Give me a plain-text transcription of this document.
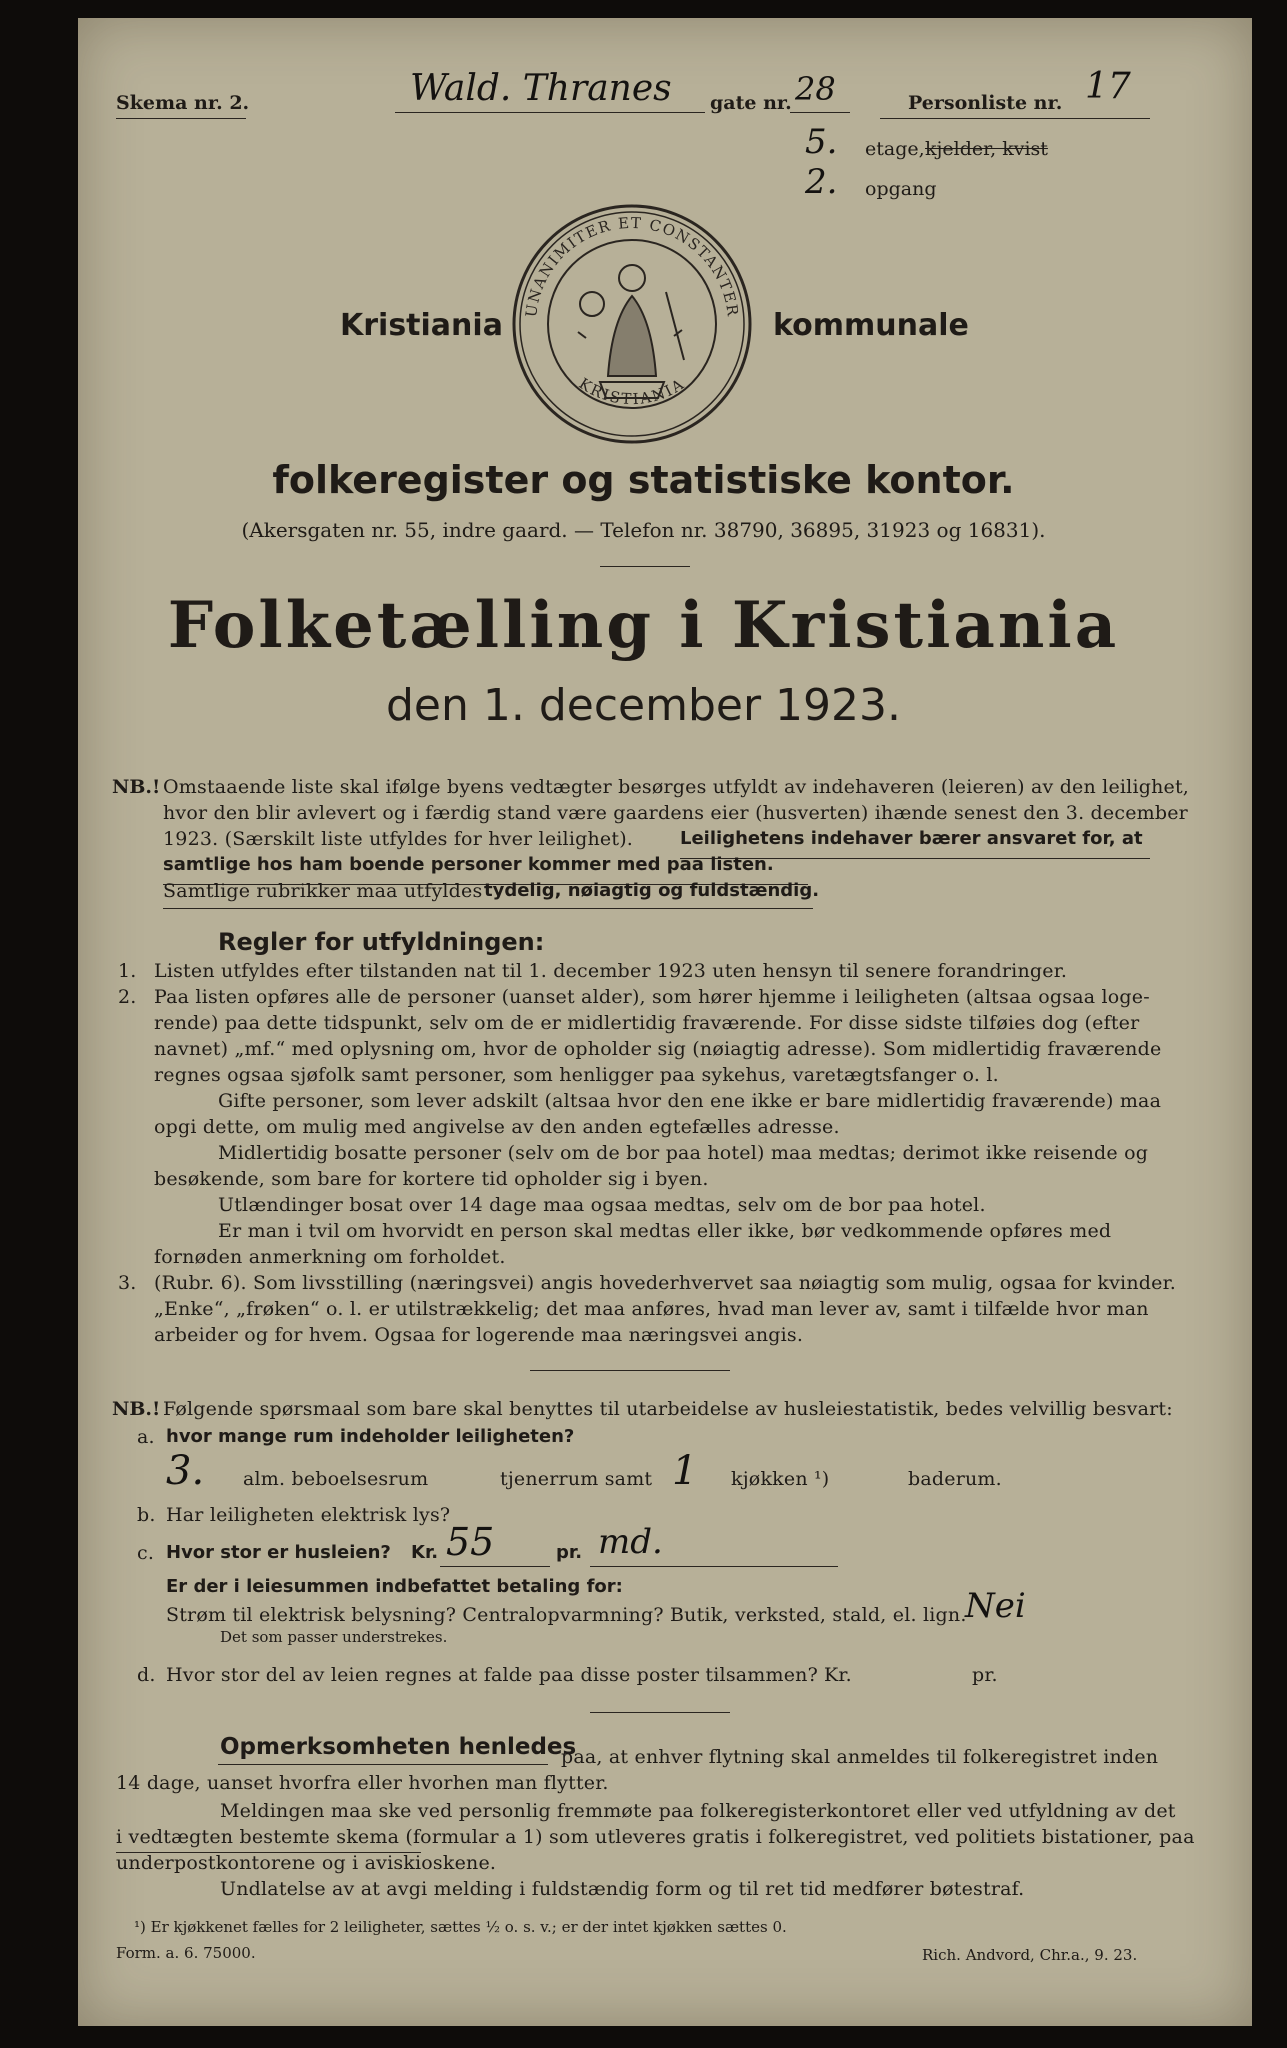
Skema nr. 2.	Wald. Thranes gate nr. 28	Personliste nr. 17
5. etage, kjelder, kvist
2. opgang
Kristiania	kommunale
UNANIMITER ET CONSTANTER
KRISTIANIA
folkeregister og statistiske kontor.
(Akersgaten nr. 55, indre gaard. — Telefon nr. 38790, 36895, 31923 og 16831).
Folketælling i Kristiania
den 1. december 1923.
NB.! Omstaaende liste skal ifølge byens vedtægter besørges utfyldt av indehaveren (leieren) av den leilighet,
hvor den blir avlevert og i færdig stand være gaardens eier (husverten) ihænde senest den 3. december
1923. (Særskilt liste utfyldes for hver leilighet).	Leilighetens indehaver bærer ansvaret for, at
samtlige hos ham boende personer kommer med paa listen.
Samtlige rubrikker maa utfyldes tydelig, nøiagtig og fuldstændig.
Regler for utfyldningen:
1. Listen utfyldes efter tilstanden nat til 1. december 1923 uten hensyn til senere forandringer.
2. Paa listen opføres alle de personer (uanset alder), som hører hjemme i leiligheten (altsaa ogsaa loge-
rende) paa dette tidspunkt, selv om de er midlertidig fraværende. For disse sidste tilføies dog (efter
navnet) „mf.“ med oplysning om, hvor de opholder sig (nøiagtig adresse). Som midlertidig fraværende
regnes ogsaa sjøfolk samt personer, som henligger paa sykehus, varetægtsfanger o. l.
Gifte personer, som lever adskilt (altsaa hvor den ene ikke er bare midlertidig fraværende) maa
opgi dette, om mulig med angivelse av den anden egtefælles adresse.
Midlertidig bosatte personer (selv om de bor paa hotel) maa medtas; derimot ikke reisende og
besøkende, som bare for kortere tid opholder sig i byen.
Utlændinger bosat over 14 dage maa ogsaa medtas, selv om de bor paa hotel.
Er man i tvil om hvorvidt en person skal medtas eller ikke, bør vedkommende opføres med
fornøden anmerkning om forholdet.
3. (Rubr. 6). Som livsstilling (næringsvei) angis hovederhvervet saa nøiagtig som mulig, ogsaa for kvinder.
„Enke“, „frøken“ o. l. er utilstrækkelig; det maa anføres, hvad man lever av, samt i tilfælde hvor man
arbeider og for hvem. Ogsaa for logerende maa næringsvei angis.
NB.! Følgende spørsmaal som bare skal benyttes til utarbeidelse av husleiestatistik, bedes velvillig besvart:
a. hvor mange rum indeholder leiligheten?
3. alm. beboelsesrum	tjenerrum samt 1 kjøkken ¹)	baderum.
b. Har leiligheten elektrisk lys?
c. Hvor stor er husleien? Kr. 55	pr. md.
Er der i leiesummen indbefattet betaling for:
Strøm til elektrisk belysning? Centralopvarmning? Butik, verksted, stald, el. lign.
Nei
Det som passer understrekes.
d. Hvor stor del av leien regnes at falde paa disse poster tilsammen? Kr.	pr.
Opmerksomheten henledes
paa, at enhver flytning skal anmeldes til folkeregistret inden
14 dage, uanset hvorfra eller hvorhen man flytter.
Meldingen maa ske ved personlig fremmøte paa folkeregisterkontoret eller ved utfyldning av det
i vedtægten bestemte skema (formular a 1) som utleveres gratis i folkeregistret, ved politiets bistationer, paa
underpostkontorene og i aviskioskene.
Undlatelse av at avgi melding i fuldstændig form og til ret tid medfører bøtestraf.
¹) Er kjøkkenet fælles for 2 leiligheter, sættes ½ o. s. v.; er der intet kjøkken sættes 0.
Form. a. 6. 75000.	Rich. Andvord, Chr.a., 9. 23.
